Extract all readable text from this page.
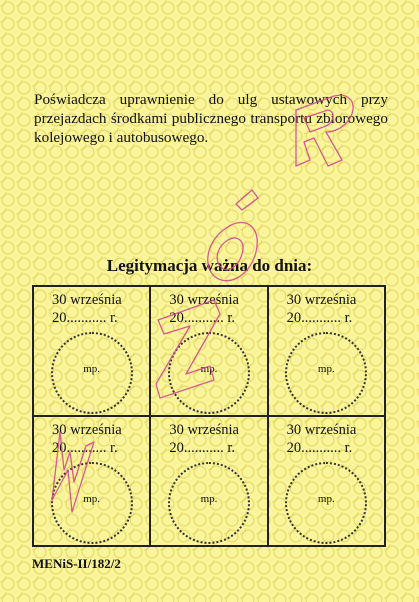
Poświadcza uprawnienie do ulg ustawowych przy przejazdach środkami publicznego transportu zbiorowego kolejowego i autobusowego.

Legitymacja ważna do dnia:
30 września
20........... r.
mp.
30 września
20........... r.
mp.
30 września
20........... r.
mp.
30 września
20........... r.
mp.
30 września
20........... r.
mp.
30 września
20........... r.
mp.

MENiS-II/182/2
